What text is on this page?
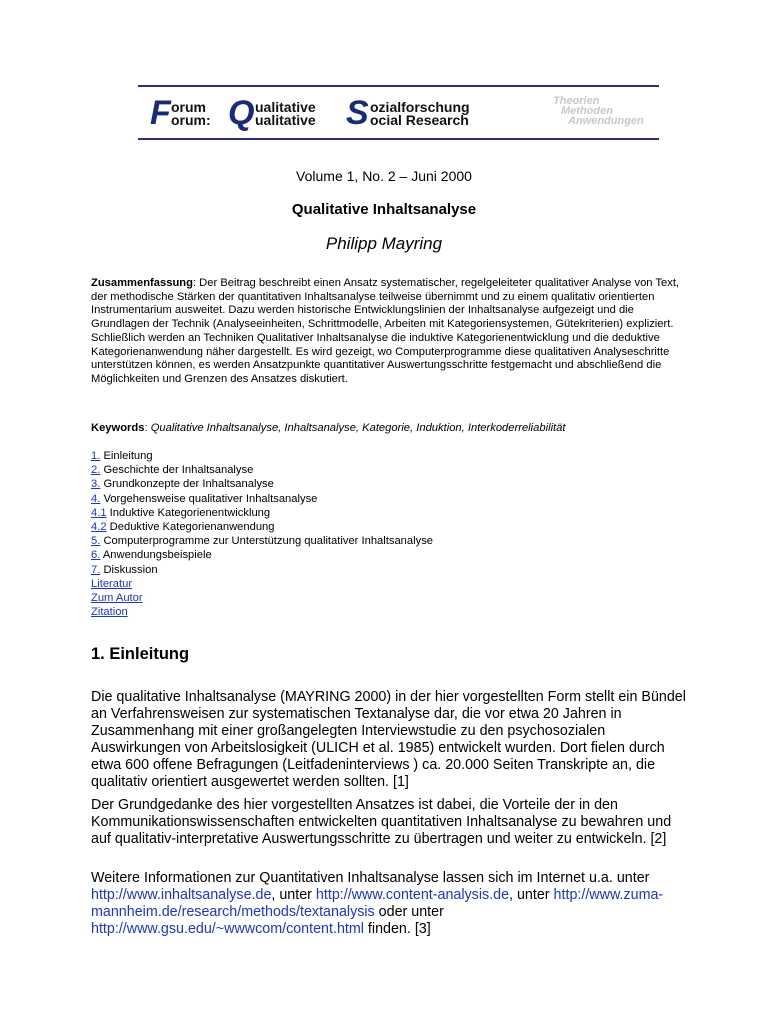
F orum
orum: Q ualitative
ualitative S ozialforschung
ocial Research
Theorien
Methoden
Anwendungen
Volume 1, No. 2 – Juni 2000
Qualitative Inhaltsanalyse
Philipp Mayring
Zusammenfassung: Der Beitrag beschreibt einen Ansatz systematischer, regelgeleiteter qualitativer Analyse von Text, der methodische Stärken der quantitativen Inhaltsanalyse teilweise übernimmt und zu einem qualitativ orientierten Instrumentarium ausweitet. Dazu werden historische Entwicklungslinien der Inhaltsanalyse aufgezeigt und die Grundlagen der Technik (Analyseeinheiten, Schrittmodelle, Arbeiten mit Kategoriensystemen, Gütekriterien) expliziert. Schließlich werden an Techniken Qualitativer Inhaltsanalyse die induktive Kategorienentwicklung und die deduktive Kategorienanwendung näher dargestellt. Es wird gezeigt, wo Computerprogramme diese qualitativen Analyseschritte unterstützen können, es werden Ansatzpunkte quantitativer Auswertungsschritte festgemacht und abschließend die Möglichkeiten und Grenzen des Ansatzes diskutiert.
Keywords: Qualitative Inhaltsanalyse, Inhaltsanalyse, Kategorie, Induktion, Interkoderreliabilität
1. Einleitung
2. Geschichte der Inhaltsanalyse
3. Grundkonzepte der Inhaltsanalyse
4. Vorgehensweise qualitativer Inhaltsanalyse
4.1 Induktive Kategorienentwicklung
4.2 Deduktive Kategorienanwendung
5. Computerprogramme zur Unterstützung qualitativer Inhaltsanalyse
6. Anwendungsbeispiele
7. Diskussion
Literatur
Zum Autor
Zitation
1. Einleitung
Die qualitative Inhaltsanalyse (MAYRING 2000) in der hier vorgestellten Form stellt ein Bündel an Verfahrensweisen zur systematischen Textanalyse dar, die vor etwa 20 Jahren in Zusammenhang mit einer großangelegten Interviewstudie zu den psychosozialen Auswirkungen von Arbeitslosigkeit (ULICH et al. 1985) entwickelt wurden. Dort fielen durch etwa 600 offene Befragungen (Leitfadeninterviews ) ca. 20.000 Seiten Transkripte an, die qualitativ orientiert ausgewertet werden sollten. [1]
Der Grundgedanke des hier vorgestellten Ansatzes ist dabei, die Vorteile der in den Kommunikationswissenschaften entwickelten quantitativen Inhaltsanalyse zu bewahren und auf qualitativ-interpretative Auswertungsschritte zu übertragen und weiter zu entwickeln. [2]
Weitere Informationen zur Quantitativen Inhaltsanalyse lassen sich im Internet u.a. unter http://www.inhaltsanalyse.de, unter http://www.content-analysis.de, unter http://www.zuma-mannheim.de/research/methods/textanalysis oder unter http://www.gsu.edu/~wwwcom/content.html finden. [3]
